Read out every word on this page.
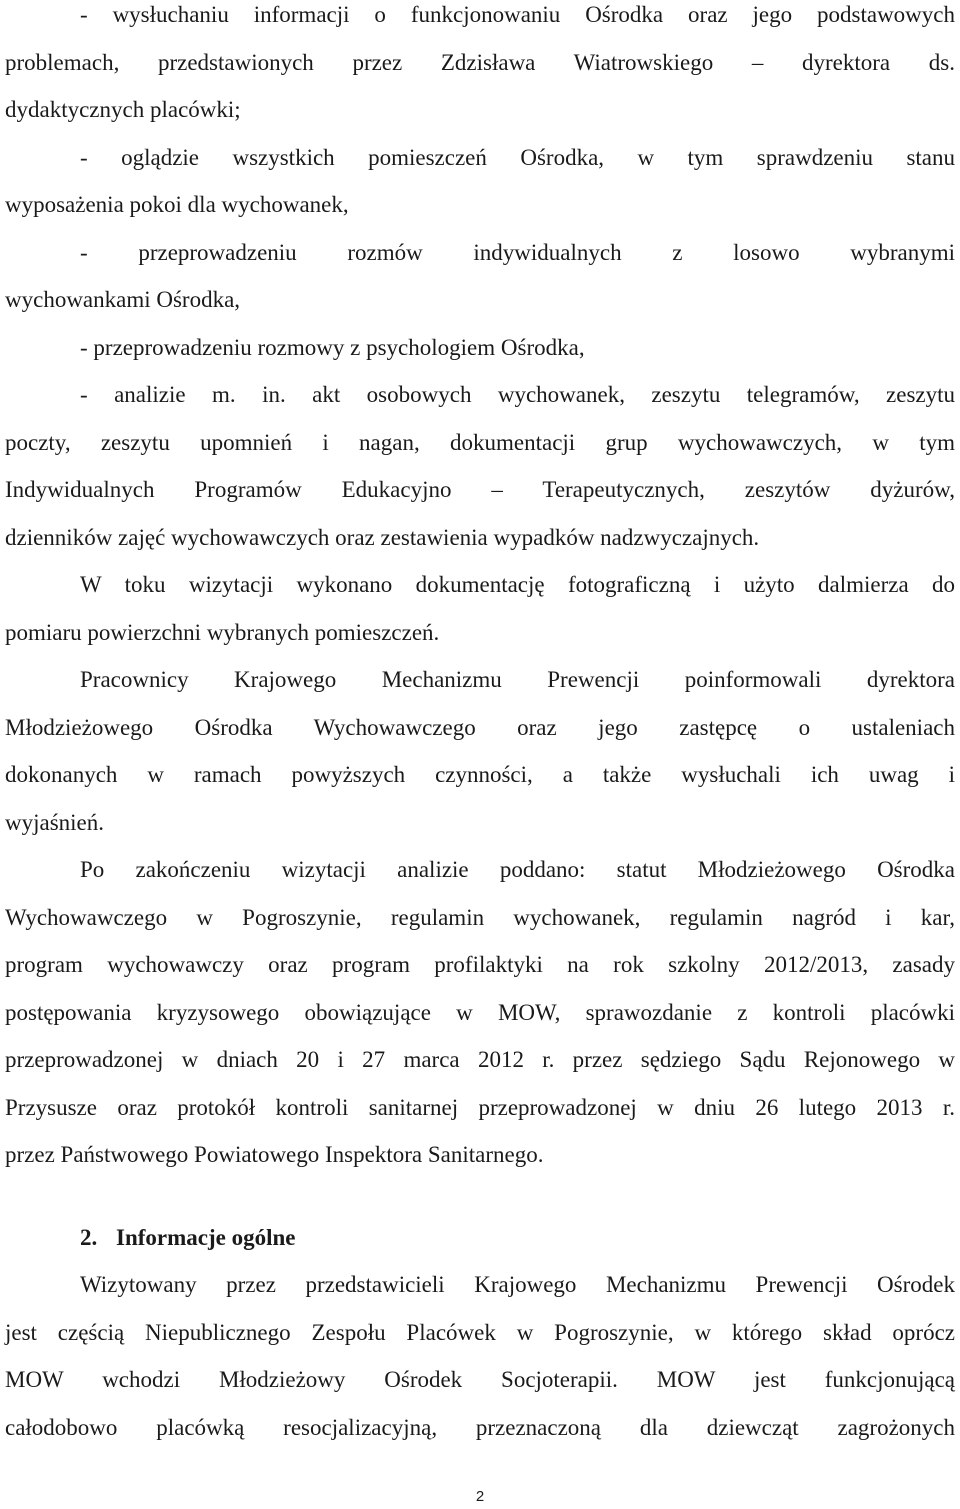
- wysłuchaniu informacji o funkcjonowaniu Ośrodka oraz jego podstawowych

problemach, przedstawionych przez Zdzisława Wiatrowskiego – dyrektora ds.

dydaktycznych placówki;

- oglądzie wszystkich pomieszczeń Ośrodka, w tym sprawdzeniu stanu

wyposażenia pokoi dla wychowanek,

- przeprowadzeniu rozmów indywidualnych z losowo wybranymi

wychowankami Ośrodka,

- przeprowadzeniu rozmowy z psychologiem Ośrodka,

- analizie m. in. akt osobowych wychowanek, zeszytu telegramów, zeszytu

poczty, zeszytu upomnień i nagan, dokumentacji grup wychowawczych, w tym

Indywidualnych Programów Edukacyjno – Terapeutycznych, zeszytów dyżurów,

dzienników zajęć wychowawczych oraz zestawienia wypadków nadzwyczajnych.

W toku wizytacji wykonano dokumentację fotograficzną i użyto dalmierza do

pomiaru powierzchni wybranych pomieszczeń.

Pracownicy Krajowego Mechanizmu Prewencji poinformowali dyrektora

Młodzieżowego Ośrodka Wychowawczego oraz jego zastępcę o ustaleniach

dokonanych w ramach powyższych czynności, a także wysłuchali ich uwag i

wyjaśnień.

Po zakończeniu wizytacji analizie poddano: statut Młodzieżowego Ośrodka

Wychowawczego w Pogroszynie, regulamin wychowanek, regulamin nagród i kar,

program wychowawczy oraz program profilaktyki na rok szkolny 2012/2013, zasady

postępowania kryzysowego obowiązujące w MOW, sprawozdanie z kontroli placówki

przeprowadzonej w dniach 20 i 27 marca 2012 r. przez sędziego Sądu Rejonowego w

Przysusze oraz protokół kontroli sanitarnej przeprowadzonej w dniu 26 lutego 2013 r.

przez Państwowego Powiatowego Inspektora Sanitarnego.

2. Informacje ogólne

Wizytowany przez przedstawicieli Krajowego Mechanizmu Prewencji Ośrodek

jest częścią Niepublicznego Zespołu Placówek w Pogroszynie, w którego skład oprócz

MOW wchodzi Młodzieżowy Ośrodek Socjoterapii. MOW jest funkcjonującą

całodobowo placówką resocjalizacyjną, przeznaczoną dla dziewcząt zagrożonych

2
